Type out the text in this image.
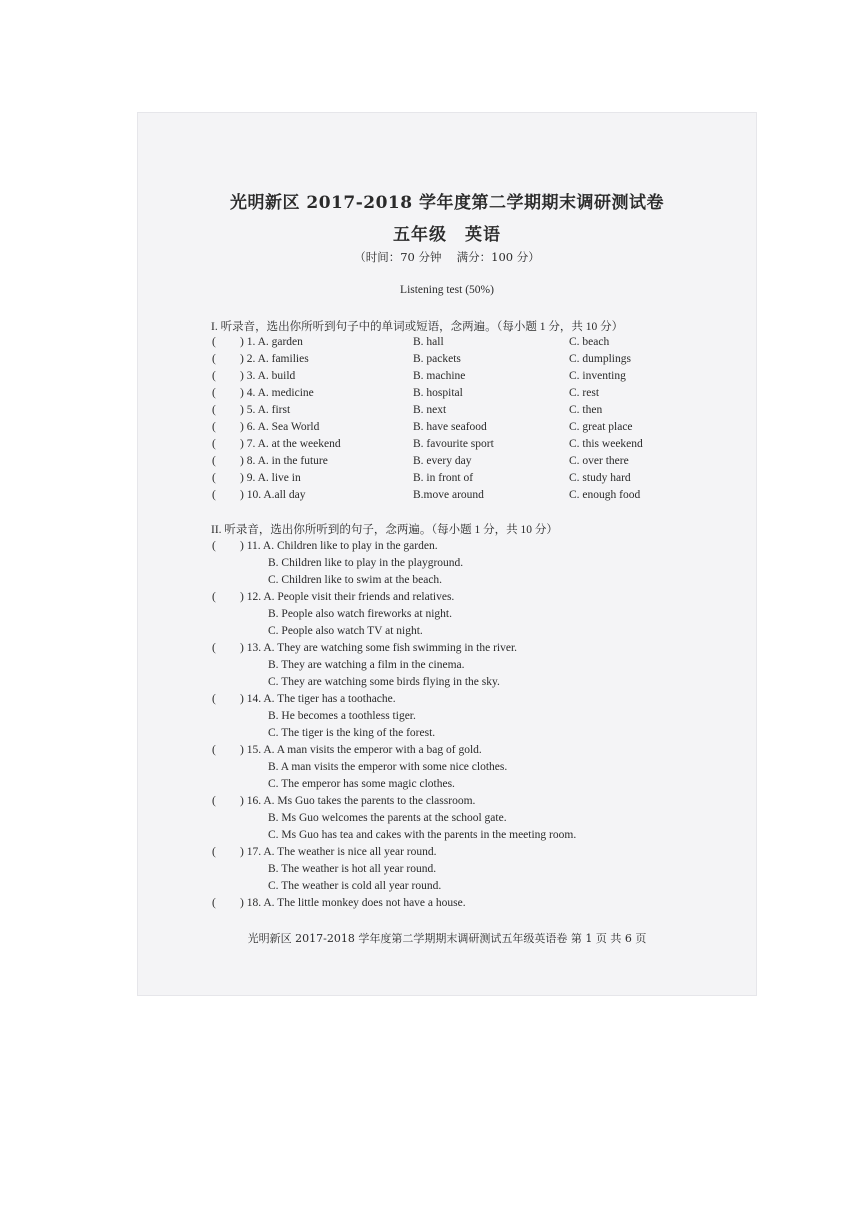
光明新区 2017-2018 学年度第二学期期末调研测试卷
五年级　英语
（时间：70 分钟　 满分：100 分）
Listening test (50%)
I. 听录音，选出你所听到句子中的单词或短语，念两遍。（每小题 1 分，共 10 分）
( ) 1. A. garden	B. hall	C. beach
( ) 2. A. families	B. packets	C. dumplings
( ) 3. A. build	B. machine	C. inventing
( ) 4. A. medicine	B. hospital	C. rest
( ) 5. A. first	B. next	C. then
( ) 6. A. Sea World	B. have seafood	C. great place
( ) 7. A. at the weekend	B. favourite sport	C. this weekend
( ) 8. A. in the future	B. every day	C. over there
( ) 9. A. live in	B. in front of	C. study hard
( ) 10. A.all day	B.move around	C. enough food
II. 听录音，选出你所听到的句子，念两遍。（每小题 1 分，共 10 分）
( ) 11. A. Children like to play in the garden.
B. Children like to play in the playground.
C. Children like to swim at the beach.
( ) 12. A. People visit their friends and relatives.
B. People also watch fireworks at night.
C. People also watch TV at night.
( ) 13. A. They are watching some fish swimming in the river.
B. They are watching a film in the cinema.
C. They are watching some birds flying in the sky.
( ) 14. A. The tiger has a toothache.
B. He becomes a toothless tiger.
C. The tiger is the king of the forest.
( ) 15. A. A man visits the emperor with a bag of gold.
B. A man visits the emperor with some nice clothes.
C. The emperor has some magic clothes.
( ) 16. A. Ms Guo takes the parents to the classroom.
B. Ms Guo welcomes the parents at the school gate.
C. Ms Guo has tea and cakes with the parents in the meeting room.
( ) 17. A. The weather is nice all year round.
B. The weather is hot all year round.
C. The weather is cold all year round.
( ) 18. A. The little monkey does not have a house.
光明新区 2017-2018 学年度第二学期期末调研测试五年级英语卷 第 1 页 共 6 页
